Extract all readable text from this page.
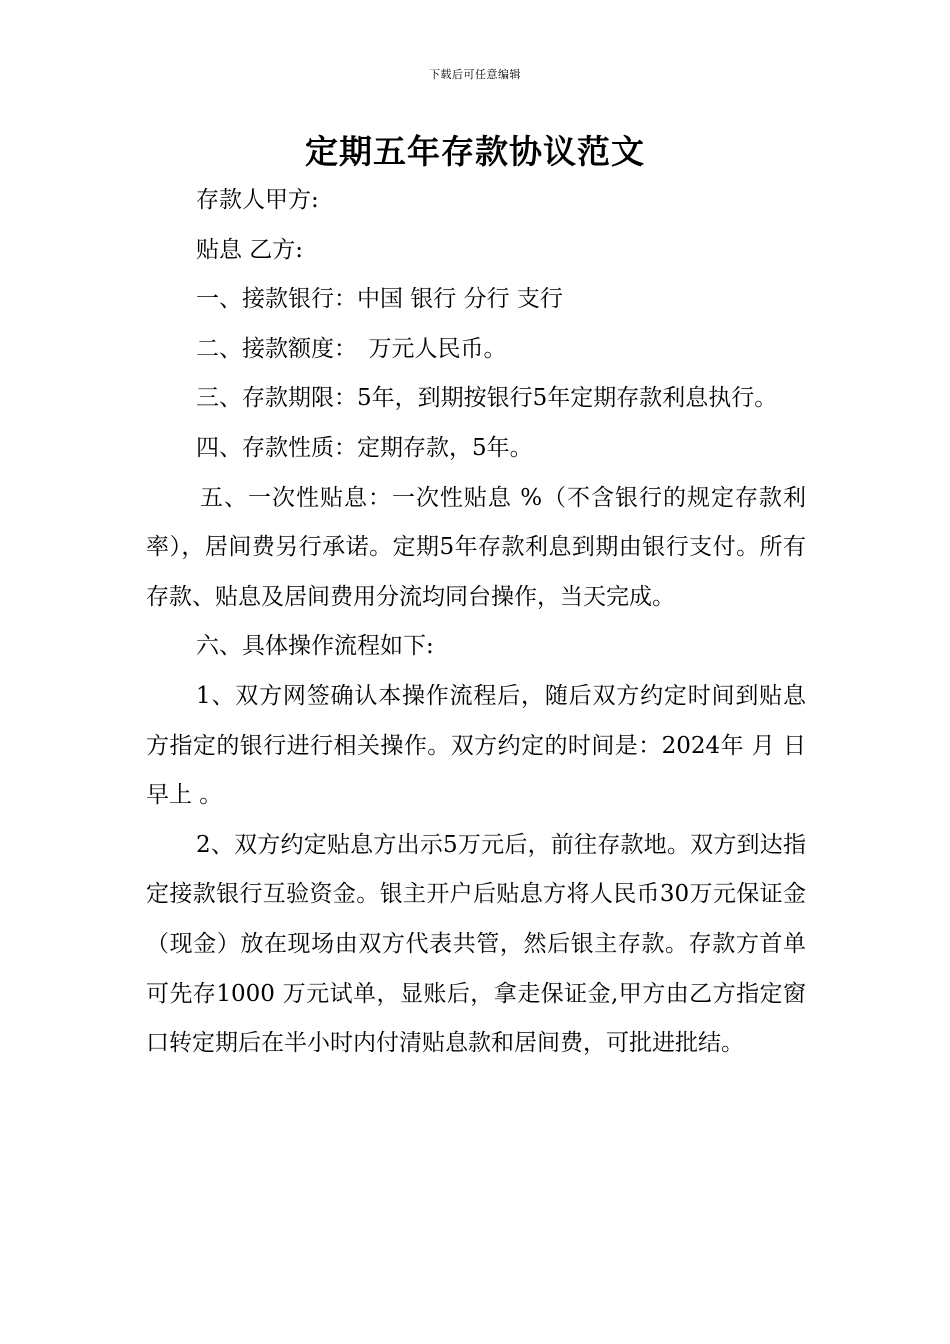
下载后可任意编辑
定期五年存款协议范文

存款人甲方:

贴息 乙方:

一、接款银行：中国 银行 分行 支行

二、接款额度：　万元人民币。

三、存款期限：5年，到期按银行5年定期存款利息执行。

四、存款性质：定期存款，5年。

五、一次性贴息：一次性贴息 %（不含银行的规定存款利率），居间费另行承诺。定期5年存款利息到期由银行支付。所有存款、贴息及居间费用分流均同台操作，当天完成。

六、具体操作流程如下:

1、双方网签确认本操作流程后，随后双方约定时间到贴息方指定的银行进行相关操作。双方约定的时间是：2024年 月 日早上 。

2、双方约定贴息方出示5万元后，前往存款地。双方到达指定接款银行互验资金。银主开户后贴息方将人民币30万元保证金（现金）放在现场由双方代表共管，然后银主存款。存款方首单可先存1000 万元试单，显账后，拿走保证金,甲方由乙方指定窗口转定期后在半小时内付清贴息款和居间费，可批进批结。
